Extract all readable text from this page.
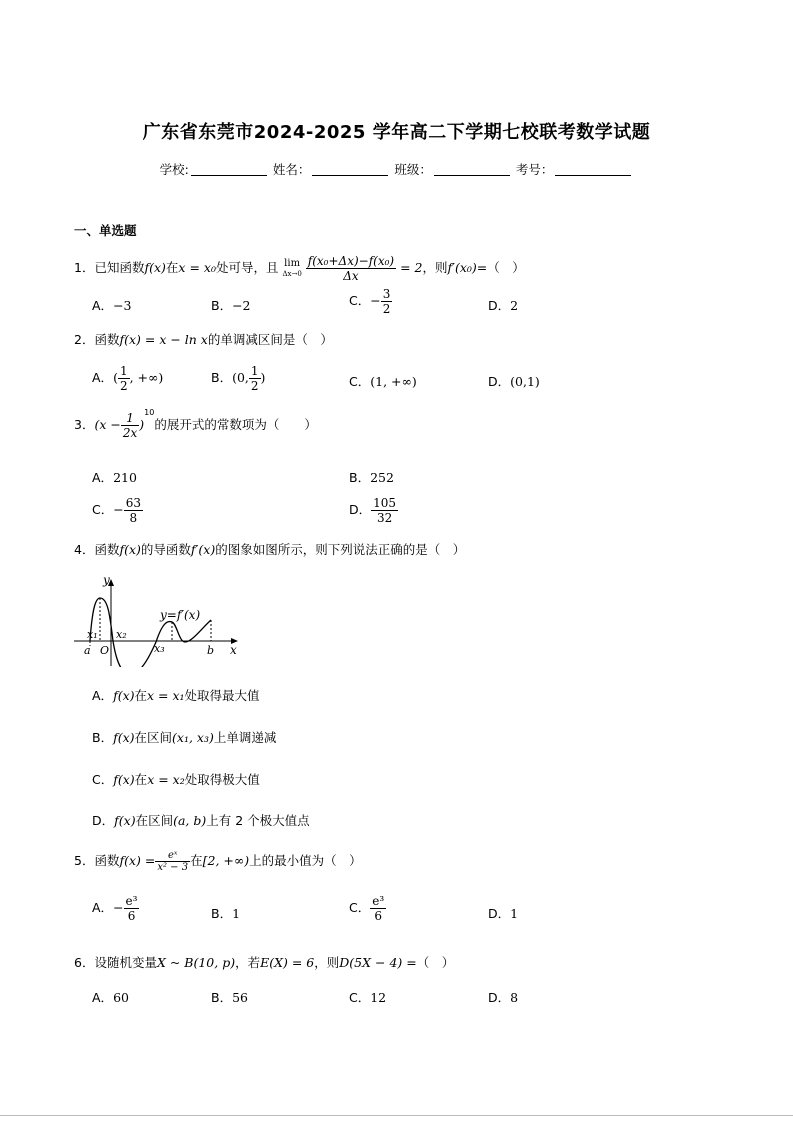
广东省东莞市2024-2025 学年高二下学期七校联考数学试题
学校:	姓名：	班级：	考号：
一、单选题
1．已知函数f(x)在x = x₀处可导，且 lim
Δx→0
$\frac{\text{f(x₀+Δx)−f(x₀)}}{\Delta x} = 2$，则f′(x₀)=（　）
A．−3	B．−2	C．− $\frac{3}{2}$	D．2
2．函数f(x) = x − ln x的单调减区间是（　）
A．( $\frac{1}{2}$ , +∞)	B．(0, $\frac{1}{2}$ )	C．(1, +∞)	D．(0,1)
3．$(x - \frac{1}{2x} )^{10}$的展开式的常数项为（　　）
A．210	B．252
C．− $\frac{63}{8}$	D． $\frac{105}{32}$
4．函数f(x)的导函数f′(x)的图象如图所示，则下列说法正确的是（　）
y
x
y=f′(x)
x₁ x₂
x₃
a O	b
A．f(x)在x = x₁处取得最大值
B．f(x)在区间(x₁, x₃)上单调递减
C．f(x)在x = x₂处取得极大值
D．f(x)在区间(a, b)上有 2 个极大值点
5．函数$f(x) = \frac{\text{eˣ}}{\text{x² − 3}}$ 在[2, +∞)上的最小值为（　）
A．− $\frac{\text{e³}}{6}$	B．1	C． $\frac{\text{e³}}{6}$	D．1
6．设随机变量X ~ B(10, p)，若E(X) = 6，则D(5X − 4) =（　）
A．60	B．56	C．12	D．8
